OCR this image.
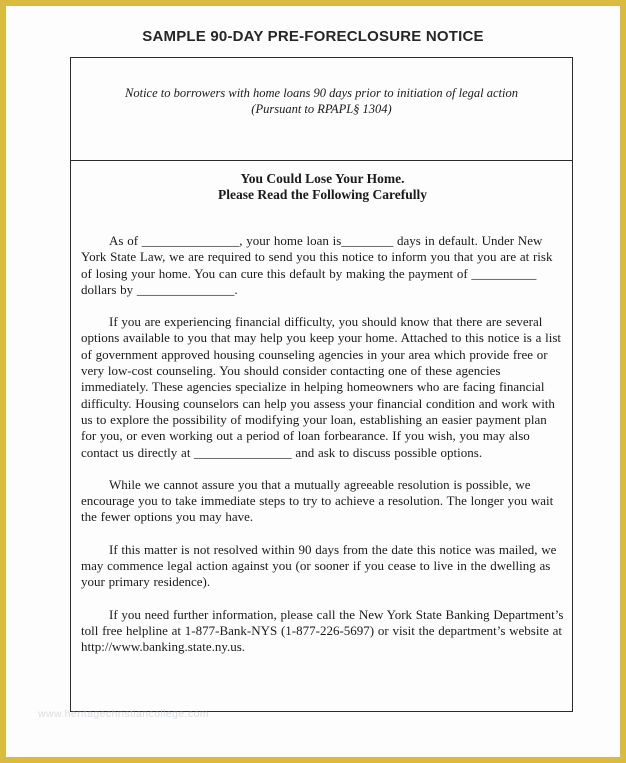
SAMPLE 90-DAY PRE-FORECLOSURE NOTICE

Notice to borrowers with home loans 90 days prior to initiation of legal action

(Pursuant to RPAPL§ 1304)

You Could Lose Your Home.

Please Read the Following Carefully

As of _______________, your home loan is________ days in default. Under New York State Law, we are required to send you this notice to inform you that you are at risk of losing your home. You can cure this default by making the payment of __________ dollars by _______________.

If you are experiencing financial difficulty, you should know that there are several options available to you that may help you keep your home. Attached to this notice is a list of government approved housing counseling agencies in your area which provide free or very low-cost counseling. You should consider contacting one of these agencies immediately. These agencies specialize in helping homeowners who are facing financial difficulty. Housing counselors can help you assess your financial condition and work with us to explore the possibility of modifying your loan, establishing an easier payment plan for you, or even working out a period of loan forbearance. If you wish, you may also contact us directly at _______________ and ask to discuss possible options.

While we cannot assure you that a mutually agreeable resolution is possible, we encourage you to take immediate steps to try to achieve a resolution. The longer you wait the fewer options you may have.

If this matter is not resolved within 90 days from the date this notice was mailed, we may commence legal action against you (or sooner if you cease to live in the dwelling as your primary residence).

If you need further information, please call the New York State Banking Department’s toll free helpline at 1-877-Bank-NYS (1-877-226-5697) or visit the department’s website at http://www.banking.state.ny.us.

www.heritagechristiancollege.com
